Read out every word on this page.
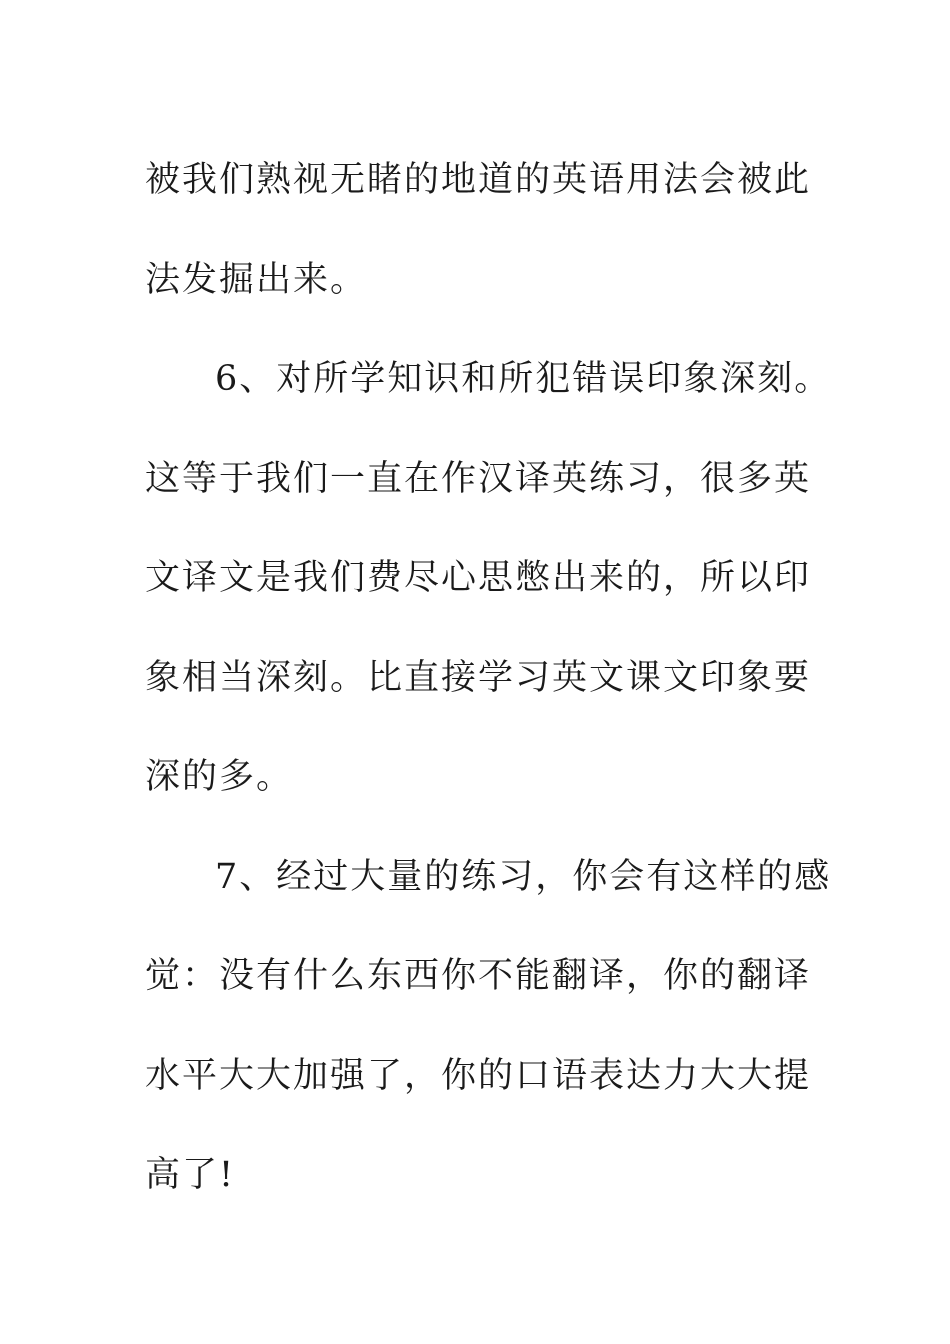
被我们熟视无睹的地道的英语用法会被此
法发掘出来。
6、对所学知识和所犯错误印象深刻。
这等于我们一直在作汉译英练习，很多英
文译文是我们费尽心思憋出来的，所以印
象相当深刻。比直接学习英文课文印象要
深的多。
7、经过大量的练习，你会有这样的感
觉：没有什么东西你不能翻译，你的翻译
水平大大加强了，你的口语表达力大大提
高了!
